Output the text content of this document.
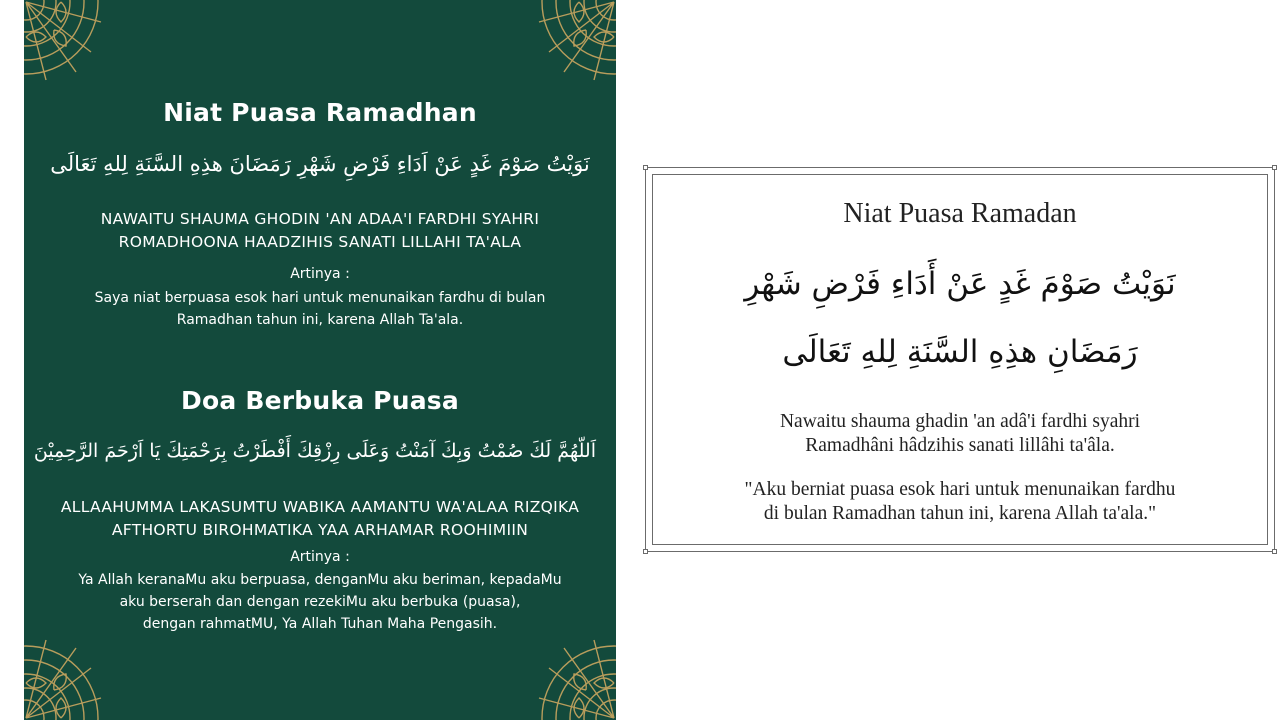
Niat Puasa Ramadhan
نَوَيْتُ صَوْمَ غَدٍ عَنْ اَدَاءِ فَرْضِ شَهْرِ رَمَضَانَ هذِهِ السَّنَةِ لِلهِ تَعَالَى
NAWAITU SHAUMA GHODIN 'AN ADAA'I FARDHI SYAHRI
ROMADHOONA HAADZIHIS SANATI LILLAHI TA'ALA
Artinya :
Saya niat berpuasa esok hari untuk menunaikan fardhu di bulan
Ramadhan tahun ini, karena Allah Ta'ala.
Doa Berbuka Puasa
اَللّهُمَّ لَكَ صُمْتُ وَبِكَ آمَنْتُ وَعَلَى رِزْقِكَ أَفْطَرْتُ بِرَحْمَتِكَ يَا اَرْحَمَ الرَّحِمِيْنَ
ALLAAHUMMA LAKASUMTU WABIKA AAMANTU WA'ALAA RIZQIKA
AFTHORTU BIROHMATIKA YAA ARHAMAR ROOHIMIIN
Artinya :
Ya Allah keranaMu aku berpuasa, denganMu aku beriman, kepadaMu
aku berserah dan dengan rezekiMu aku berbuka (puasa),
dengan rahmatMU, Ya Allah Tuhan Maha Pengasih.
Niat Puasa Ramadan
نَوَيْتُ صَوْمَ غَدٍ عَنْ أَدَاءِ فَرْضِ شَهْرِ
رَمَضَانِ هذِهِ السَّنَةِ لِلهِ تَعَالَى
Nawaitu shauma ghadin 'an adâ'i fardhi syahri
Ramadhâni hâdzihis sanati lillâhi ta'âla.
"Aku berniat puasa esok hari untuk menunaikan fardhu
di bulan Ramadhan tahun ini, karena Allah ta'ala."
